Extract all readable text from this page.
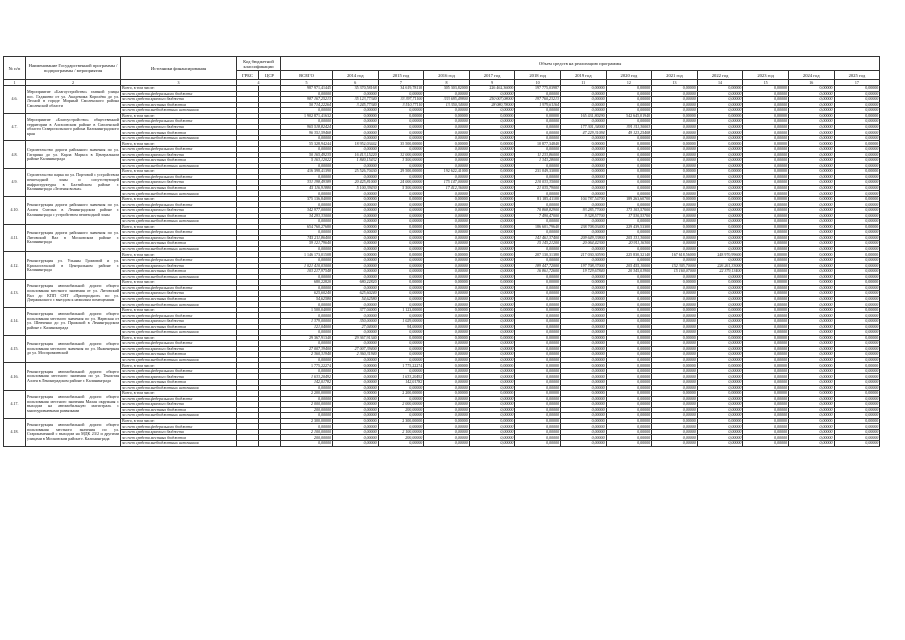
№ п/п	Наименование Государственной программы / подпрограммы / мероприятия	Источники финансирования	Код бюджетной классификации		Объем средств на реализацию программы												
			ГРБС	ЦСР	ВСЕГО	2014 год	2015 год	2016 год	2017 год	2018 год	2019 год	2020 год	2021 год	2022 год	2023 год	2024 год	2025 год
1	2	3	4		5	6	7	8	9	10	11	12	13	14	15	16	17
4.6.	Мероприятие «Благоустройство» главной улицы пос. Гаджиево от ул. Академика Королёва до ул. Лесной в городе Мирный Смоленского района Смоленской области	Всего, в том числе:			987 971,41445	35 370,58168	34 619,78110	305 303,82000	226 462,36000	197 775,03987	0,00000	0,00000	0,00000	0,00000	0,00000	0,00000	0,00000
		за счет средств федерального бюджета			0,00000	0,00000	0,00000	0,00000	0,00000	0,00000	0,00000	0,00000	0,00000	0,00000	0,00000	0,00000	0,00000
		за счет средств краевого бюджета			987 167,25213	35 123,77340	33 397,71100	333 695,49800	250 007,08000	197 760,23213	0,00000	0,00000	0,00000	0,00000	0,00000	0,00000	0,00000
		за счет средств местных бюджетов			50 714,22264	3 245,77340	3 510,77110	13 350,34000	28 080,78000	1 979,61164	0,00000	0,00000	0,00000	0,00000	0,00000	0,00000	0,00000
		за счет средств внебюджетных источников			0,00000	0,00000	0,00000	0,00000	0,00000	0,00000	0,00000	0,00000	0,00000	0,00000	0,00000	0,00000	0,00000
4.7.	Мероприятие «Благоустройство» общественной территории в Алгасовском районе в Смоленской области Ставропольского района Калининградского края	Всего, в том числе:			1 902 871,41632	0,00000	0,00000	0,00000	0,00000	0,00000	165 431,80290	542 645,01940	0,00000	0,00000	0,00000	0,00000	0,00000
		за счет средств федерального бюджета			0,00000	0,00000	0,00000	0,00000	0,00000	0,00000	0,00000	0,00000	0,00000	0,00000	0,00000	0,00000	0,00000
		за счет средств краевого бюджета			965 518,82424	0,00000	0,00000	0,00000	0,00000	0,00000	177 301,34000	391 311,30003	0,00000	0,00000	0,00000	0,00000	0,00000
		за счет средств местных бюджетов			96 351,59468	0,00000	0,00000	0,00000	0,00000	0,00000	47 229,31094	49 123,25408	0,00000	0,00000	0,00000	0,00000	0,00000
		за счет средств внебюджетных источников			0,00000	0,00000	0,00000	0,00000	0,00000	0,00000	0,00000	0,00000	0,00000	0,00000	0,00000	0,00000	0,00000
4.8.	Строительство дороги районного значения по ул. Гагарина до ул. Карла Маркса в Центральном районе Калининграда	Всего, в том числе:			55 328,94244	18 952,03442	35 500,00000	0,00000	0,00000	10 877,34840	0,00000	0,00000	0,00000	0,00000	0,00000	0,00000	0,00000
		за счет средств федерального бюджета			0,00000	0,00000	0,00000	0,00000	0,00000	0,00000	0,00000	0,00000	0,00000	0,00000	0,00000	0,00000	0,00000
		за счет средств краевого бюджета			50 165,49235	16 413,15220	32 000,00000	0,00000	0,00000	11 233,86000	0,00000	0,00000	0,00000	0,00000	0,00000	0,00000	0,00000
		за счет средств местных бюджетов			5 163,12022	1 840,15432	3 500,00000	0,00000	0,00000	1 343,28000	0,00000	0,00000	0,00000	0,00000	0,00000	0,00000	0,00000
		за счет средств внебюджетных источников			0,00000	0,00000	0,00000	0,00000	0,00000	0,00000	0,00000	0,00000	0,00000	0,00000	0,00000	0,00000	0,00000
4.9.	Строительство парка по ул. Портовой с устройством пешеходной зоны и сопутствующей инфраструктуры в Балтийском районе г. Калининграда «Зеленая волна»	Всего, в том числе:			416 398,41390	25 526,70430	29 500,00000	192 622,41000	0,00000	231 049,33000	0,00000	0,00000	0,00000	0,00000	0,00000	0,00000	0,00000
		за счет средств федерального бюджета			0,00000	0,00000	0,00000	0,00000	0,00000	0,00000	0,00000	0,00000	0,00000	0,00000	0,00000	0,00000	0,00000
		за счет средств краевого бюджета			331 198,49389	20 425,81000	24 000,00000	175 147,00000	0,00000	210 033,35000	0,00000	0,00000	0,00000	0,00000	0,00000	0,00000	0,00000
		за счет средств местных бюджетов			45 116,91880	5 100,39430	5 500,00000	17 412,36000	0,00000	21 035,79000	0,00000	0,00000	0,00000	0,00000	0,00000	0,00000	0,00000
		за счет средств внебюджетных источников			0,00000	0,00000	0,00000	0,00000	0,00000	0,00000	0,00000	0,00000	0,00000	0,00000	0,00000	0,00000	0,00000
4.10.	Реконструкция дороги районного значения по ул. Аллея Смелых в Ленинградском районе г. Калининграда с устройством пешеходной зоны	Всего, в том числе:			375 136,84000	0,00000	0,00000	0,00000	0,00000	81 185,41100	104 787,54700	189 263,60700	0,00000	0,00000	0,00000	0,00000	0,00000
		за счет средств федерального бюджета			0,00000	0,00000	0,00000	0,00000	0,00000	0,00000	0,00000	0,00000	0,00000	0,00000	0,00000	0,00000	0,00000
		за счет средств краевого бюджета			342 977,00000	0,00000	0,00000	0,00000	0,00000	70 868,82900	93 285,77000	173 103,57000	0,00000	0,00000	0,00000	0,00000	0,00000
		за счет средств местных бюджетов			34 293,33000	0,00000	0,00000	0,00000	0,00000	7 490,47000	9 328,57700	17 530,53700	0,00000	0,00000	0,00000	0,00000	0,00000
		за счет средств внебюджетных источников			0,00000	0,00000	0,00000	0,00000	0,00000	0,00000	0,00000	0,00000	0,00000	0,00000	0,00000	0,00000	0,00000
4.11.	Реконструкция дороги районного значения по ул. Литовский Вал в Московском районе г. Калининграда	Всего, в том числе:			654 760,27680	0,00000	0,00000	0,00000	0,00000	186 601,79640	238 708,03400	229 439,53300	0,00000	0,00000	0,00000	0,00000	0,00000
		за счет средств федерального бюджета			0,00000	0,00000	0,00000	0,00000	0,00000	0,00000	0,00000	0,00000	0,00000	0,00000	0,00000	0,00000	0,00000
		за счет средств краевого бюджета			745 211,86400	0,00000	0,00000	0,00000	0,00000	141 461,37400	209 649,33800	205 131,30000	0,00000	0,00000	0,00000	0,00000	0,00000
		за счет средств местных бюджетов			59 121,79640	0,00000	0,00000	0,00000	0,00000	15 145,21200	20 064,42300	20 911,16300	0,00000	0,00000	0,00000	0,00000	0,00000
		за счет средств внебюджетных источников			0,00000	0,00000	0,00000	0,00000	0,00000	0,00000	0,00000	0,00000	0,00000	0,00000	0,00000	0,00000	0,00000
4.12.	Реконструкция ул. Ульяны Громовой и ул. Красносельской в Центральном районе г. Калининграда	Всего, в том числе:			1 146 173,01508	0,00000	0,00000	0,00000	0,00000	207 130,31380	217 030,30590	225 830,32140	167 618,56000	248 970,99600	0,00000	0,00000	0,00000
		за счет средств федерального бюджета			0,00000	0,00000	0,00000	0,00000	0,00000	0,00000	0,00000	0,00000	0,00000	0,00000	0,00000	0,00000	0,00000
		за счет средств краевого бюджета			1 021 410,03000	0,00000	0,00000	0,00000	0,00000	189 447,72000	197 708,37000	205 455,10000	152 305,70000	226 261,33000	0,00000	0,00000	0,00000
		за счет средств местных бюджетов			103 217,97548	0,00000	0,00000	0,00000	0,00000	16 861,72600	19 729,67840	20 345,01900	15 160,07000	22 379,13400	0,00000	0,00000	0,00000
		за счет средств внебюджетных источников			0,00000	0,00000	0,00000	0,00000	0,00000	0,00000	0,00000	0,00000	0,00000	0,00000	0,00000	0,00000	0,00000
4.13.	Реконструкция автомобильной дороги общего пользования местного значения от ул. Литовский Вал до КПП СНТ «Пригородное» по ул. Дзержинского с выездом к нежилым помещениям	Всего, в том числе:			680,22820	680,22820	0,00000	0,00000	0,00000	0,00000	0,00000	0,00000	0,00000	0,00000	0,00000	0,00000	0,00000
		за счет средств федерального бюджета			0,00000	0,00000	0,00000	0,00000	0,00000	0,00000	0,00000	0,00000	0,00000	0,00000	0,00000	0,00000	0,00000
		за счет средств краевого бюджета			625,60240	625,60240	0,00000	0,00000	0,00000	0,00000	0,00000	0,00000	0,00000	0,00000	0,00000	0,00000	0,00000
		за счет средств местных бюджетов			54,62580	54,62580	0,00000	0,00000	0,00000	0,00000	0,00000	0,00000	0,00000	0,00000	0,00000	0,00000	0,00000
		за счет средств внебюджетных источников			0,00000	0,00000	0,00000	0,00000	0,00000	0,00000	0,00000	0,00000	0,00000	0,00000	0,00000	0,00000	0,00000
4.14.	Реконструкция автомобильной дороги общего пользования местного значения по ул. Нарвская от ул. Шевченко до ул. Пражской в Ленинградском районе г. Калининграда	Всего, в том числе:			1 500,04000	377,04000	1 123,00000	0,00000	0,00000	0,00000	0,00000	0,00000	0,00000	0,00000	0,00000	0,00000	0,00000
		за счет средств федерального бюджета			0,00000	0,00000	0,00000	0,00000	0,00000	0,00000	0,00000	0,00000	0,00000	0,00000	0,00000	0,00000	0,00000
		за счет средств краевого бюджета			1 379,00000	350,00000	1 029,00000	0,00000	0,00000	0,00000	0,00000	0,00000	0,00000	0,00000	0,00000	0,00000	0,00000
		за счет средств местных бюджетов			121,04000	27,04000	94,00000	0,00000	0,00000	0,00000	0,00000	0,00000	0,00000	0,00000	0,00000	0,00000	0,00000
		за счет средств внебюджетных источников			0,00000	0,00000	0,00000	0,00000	0,00000	0,00000	0,00000	0,00000	0,00000	0,00000	0,00000	0,00000	0,00000
4.15.	Реконструкция автомобильной дороги общего пользования местного значения по ул. Инженерная до ул. Моспромиевской	Всего, в том числе:			29 367,91340	29 367,91340	0,00000	0,00000	0,00000	0,00000	0,00000	0,00000	0,00000	0,00000	0,00000	0,00000	0,00000
		за счет средств федерального бюджета			0,00000	0,00000	0,00000	0,00000	0,00000	0,00000	0,00000	0,00000	0,00000	0,00000	0,00000	0,00000	0,00000
		за счет средств краевого бюджета			27 007,39400	27 007,39400	0,00000	0,00000	0,00000	0,00000	0,00000	0,00000	0,00000	0,00000	0,00000	0,00000	0,00000
		за счет средств местных бюджетов			2 360,31940	2 360,31940	0,00000	0,00000	0,00000	0,00000	0,00000	0,00000	0,00000	0,00000	0,00000	0,00000	0,00000
		за счет средств внебюджетных источников			0,00000	0,00000	0,00000	0,00000	0,00000	0,00000	0,00000	0,00000	0,00000	0,00000	0,00000	0,00000	0,00000
4.16.	Реконструкция автомобильной дороги общего пользования местного значения по ул. Тенистая Аллея в Ленинградском районе г. Калининграда	Всего, в том числе:			1 775,22274	0,00000	1 775,22274	0,00000	0,00000	0,00000	0,00000	0,00000	0,00000	0,00000	0,00000	0,00000	0,00000
		за счет средств федерального бюджета			0,00000	0,00000	0,00000	0,00000	0,00000	0,00000	0,00000	0,00000	0,00000	0,00000	0,00000	0,00000	0,00000
		за счет средств краевого бюджета			1 633,20492	0,00000	1 633,20492	0,00000	0,00000	0,00000	0,00000	0,00000	0,00000	0,00000	0,00000	0,00000	0,00000
		за счет средств местных бюджетов			142,01782	0,00000	142,01782	0,00000	0,00000	0,00000	0,00000	0,00000	0,00000	0,00000	0,00000	0,00000	0,00000
		за счет средств внебюджетных источников			0,00000	0,00000	0,00000	0,00000	0,00000	0,00000	0,00000	0,00000	0,00000	0,00000	0,00000	0,00000	0,00000
4.17.	Реконструкция автомобильной дороги общего пользования местного значения Малая окружная с выходом на автомобильную магистраль с многоуровневыми развязками	Всего, в том числе:			2 200,00000	0,00000	2 200,00000	0,00000	0,00000	0,00000	0,00000	0,00000	0,00000	0,00000	0,00000	0,00000	0,00000
		за счет средств федерального бюджета			0,00000	0,00000	0,00000	0,00000	0,00000	0,00000	0,00000	0,00000	0,00000	0,00000	0,00000	0,00000	0,00000
		за счет средств краевого бюджета			2 000,00000	0,00000	2 000,00000	0,00000	0,00000	0,00000	0,00000	0,00000	0,00000	0,00000	0,00000	0,00000	0,00000
		за счет средств местных бюджетов			200,00000	0,00000	200,00000	0,00000	0,00000	0,00000	0,00000	0,00000	0,00000	0,00000	0,00000	0,00000	0,00000
		за счет средств внебюджетных источников			0,00000	0,00000	0,00000	0,00000	0,00000	0,00000	0,00000	0,00000	0,00000	0,00000	0,00000	0,00000	0,00000
4.18.	Реконструкция автомобильной дороги общего пользования местного значения по ул. Старокаменной с выходом на МДК 23/2 и другими улицами в Московском районе г. Калининграда	Всего, в том числе:			2 300,00000	0,00000	2 300,00000	0,00000	0,00000	0,00000	0,00000	0,00000	0,00000	0,00000	0,00000	0,00000	0,00000
		за счет средств федерального бюджета			0,00000	0,00000	0,00000	0,00000	0,00000	0,00000	0,00000	0,00000	0,00000	0,00000	0,00000	0,00000	0,00000
		за счет средств краевого бюджета			2 100,00000	0,00000	2 100,00000	0,00000	0,00000	0,00000	0,00000	0,00000	0,00000	0,00000	0,00000	0,00000	0,00000
		за счет средств местных бюджетов			200,00000	0,00000	200,00000	0,00000	0,00000	0,00000	0,00000	0,00000	0,00000	0,00000	0,00000	0,00000	0,00000
		за счет средств внебюджетных источников			0,00000	0,00000	0,00000	0,00000	0,00000	0,00000	0,00000	0,00000	0,00000	0,00000	0,00000	0,00000	0,00000
